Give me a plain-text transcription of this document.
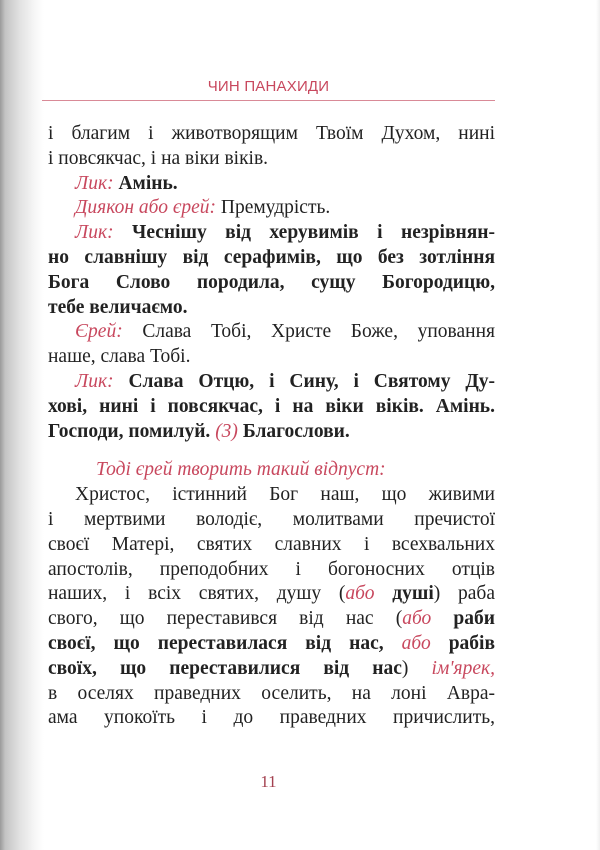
ЧИН ПАНАХИДИ
і благим і животворящим Твоїм Духом, нині
і повсякчас, і на віки віків.
Лик: Амінь.
Диякон або єрей: Премудрість.
Лик: Чеснішу від херувимів і незрівнян-
но славнішу від серафимів, що без зотління
Бога Слово породила, сущу Богородицю,
тебе величаємо.
Єрей: Слава Тобі, Христе Боже, уповання
наше, слава Тобі.
Лик: Слава Отцю, і Сину, і Святому Ду-
хові, нині і повсякчас, і на віки віків. Амінь.
Господи, помилуй. (3) Благослови.
Тоді єрей творить такий відпуст:
Христос, істинний Бог наш, що живими
і мертвими володіє, молитвами пречистої
своєї Матері, святих славних і всехвальних
апостолів, преподобних і богоносних отців
наших, і всіх святих, душу (або душі) раба
свого, що переставився від нас (або раби
своєї, що переставилася від нас, або рабів
своїх, що переставилися від нас) ім'ярек,
в оселях праведних оселить, на лоні Авра-
ама упокоїть і до праведних причислить,
11
